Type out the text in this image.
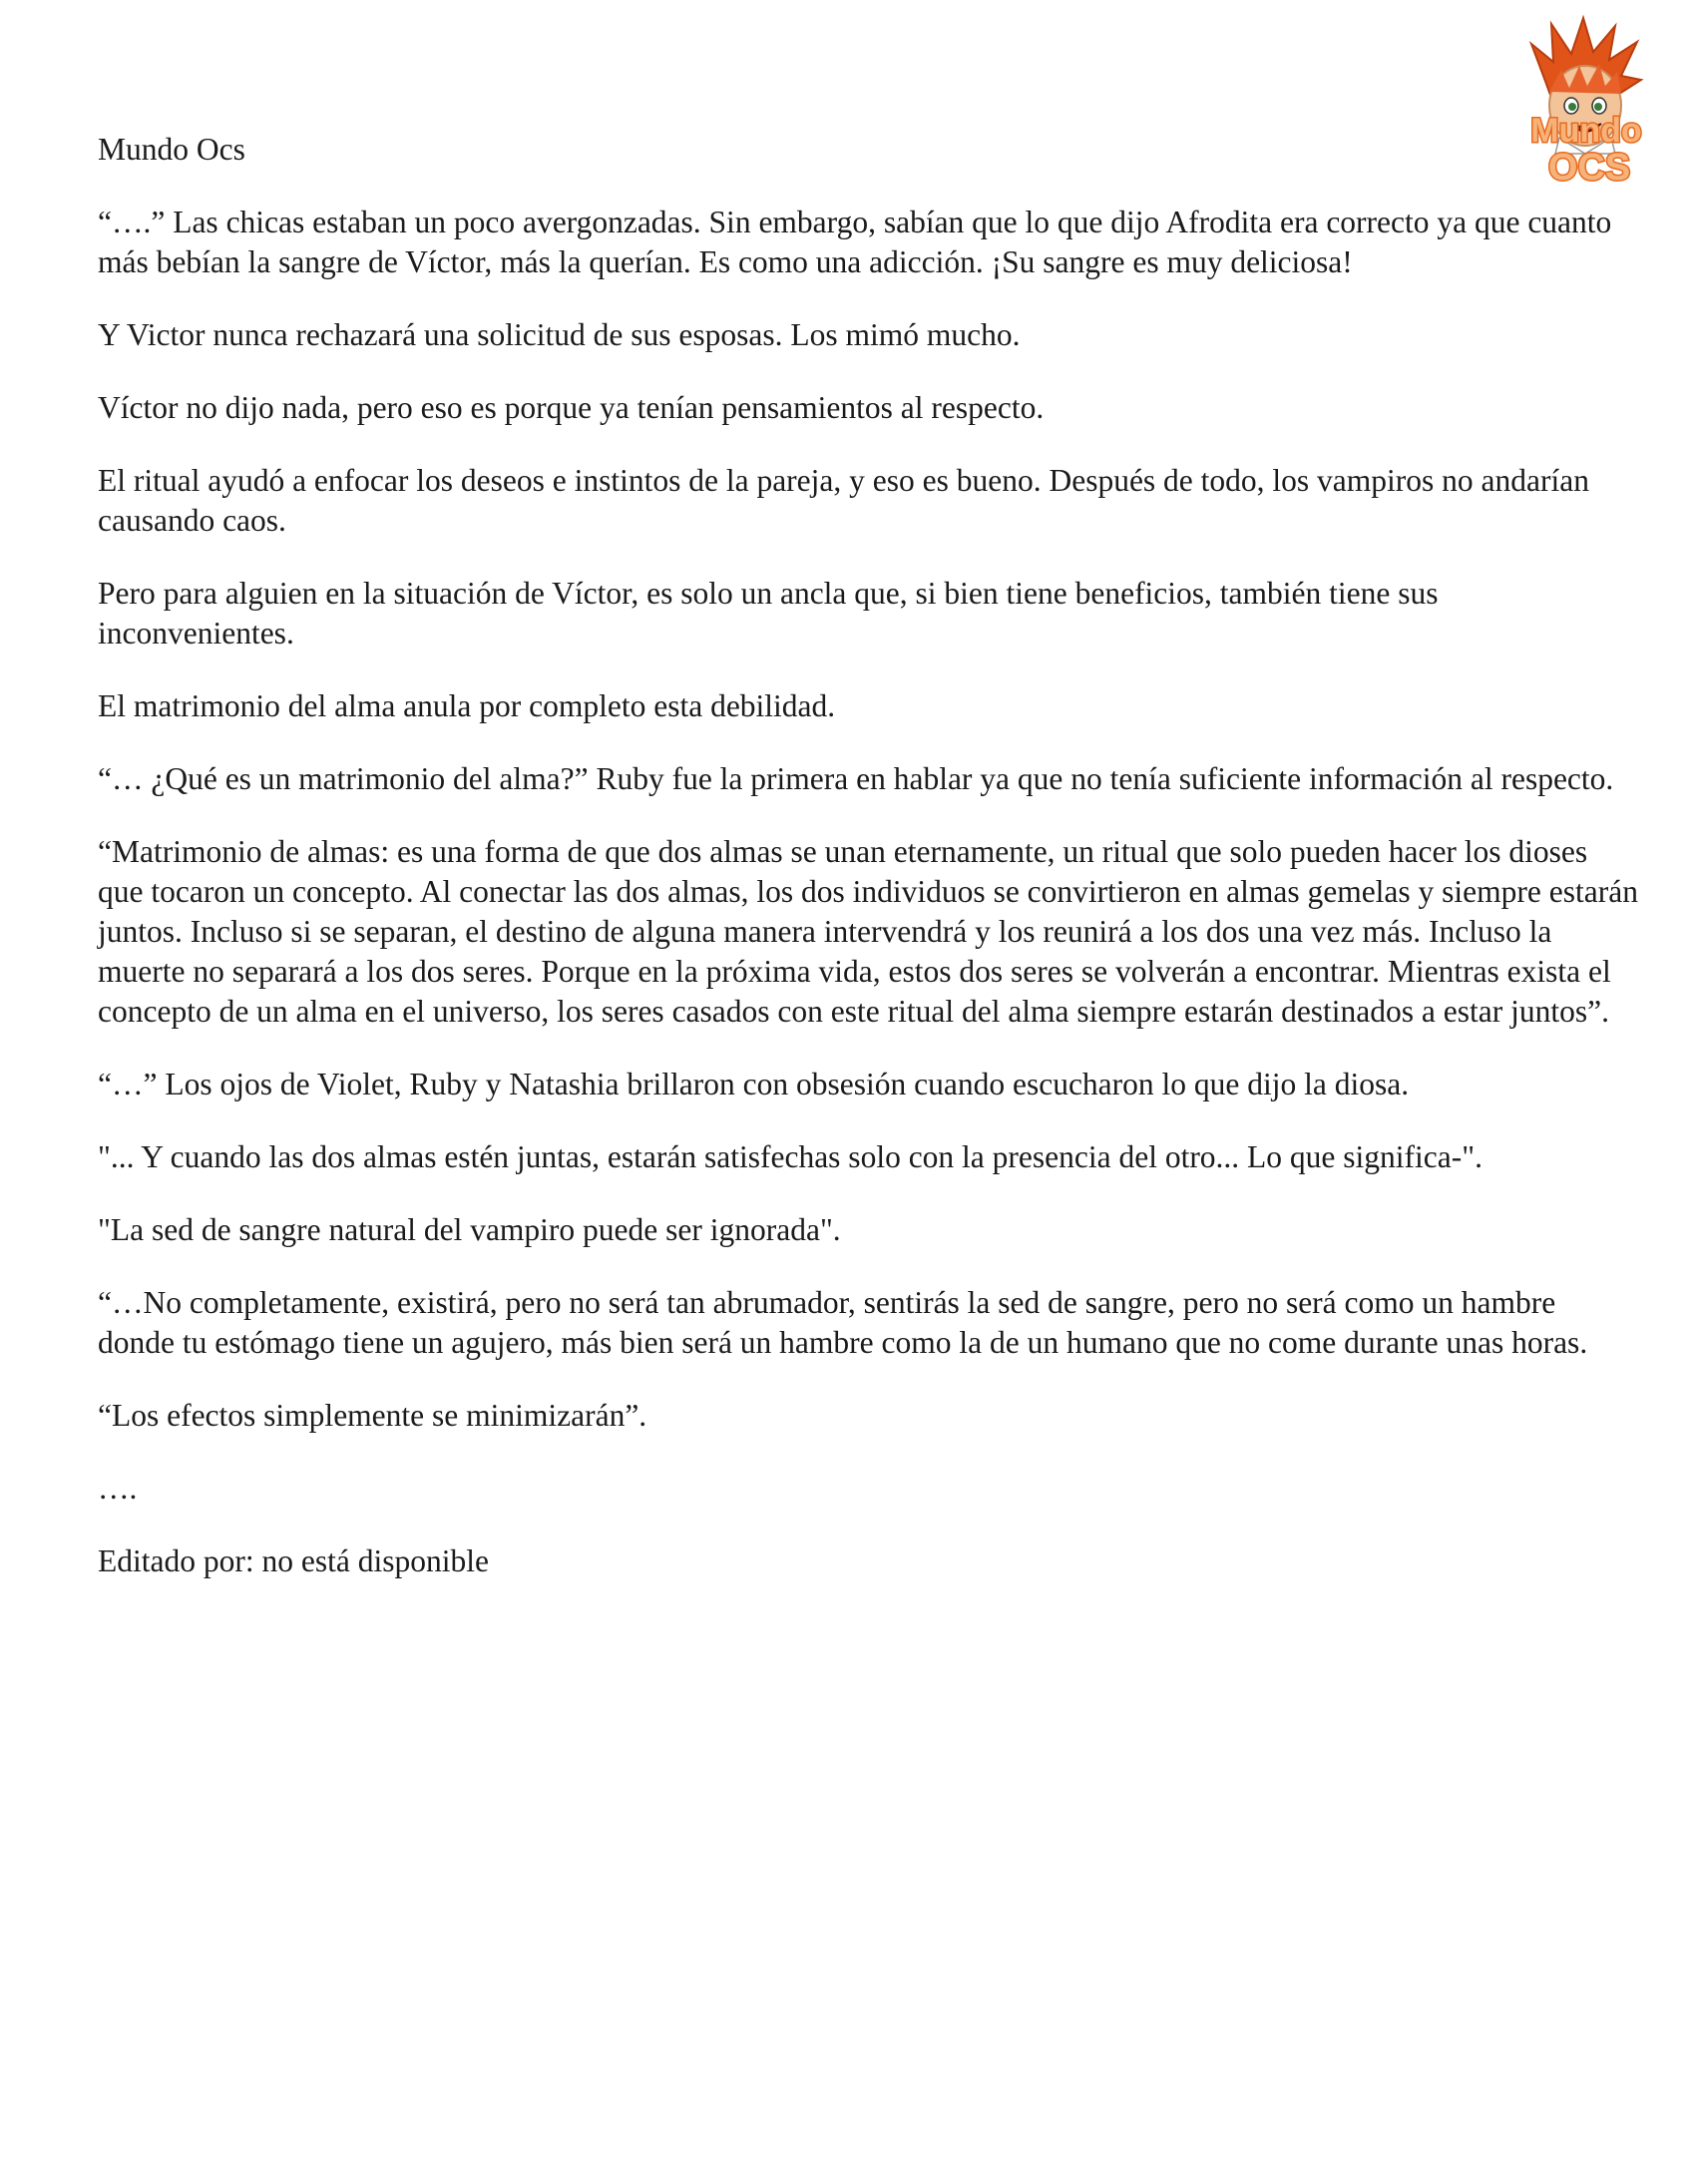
Mundo
OCS

Mundo Ocs

“….” Las chicas estaban un poco avergonzadas. Sin embargo, sabían que lo que dijo Afrodita era correcto ya que cuanto más bebían la sangre de Víctor, más la querían. Es como una adicción. ¡Su sangre es muy deliciosa!

Y Victor nunca rechazará una solicitud de sus esposas. Los mimó mucho.

Víctor no dijo nada, pero eso es porque ya tenían pensamientos al respecto.

El ritual ayudó a enfocar los deseos e instintos de la pareja, y eso es bueno. Después de todo, los vampiros no andarían causando caos.

Pero para alguien en la situación de Víctor, es solo un ancla que, si bien tiene beneficios, también tiene sus inconvenientes.

El matrimonio del alma anula por completo esta debilidad.

“… ¿Qué es un matrimonio del alma?” Ruby fue la primera en hablar ya que no tenía suficiente información al respecto.

“Matrimonio de almas: es una forma de que dos almas se unan eternamente, un ritual que solo pueden hacer los dioses que tocaron un concepto. Al conectar las dos almas, los dos individuos se convirtieron en almas gemelas y siempre estarán juntos. Incluso si se separan, el destino de alguna manera intervendrá y los reunirá a los dos una vez más. Incluso la muerte no separará a los dos seres. Porque en la próxima vida, estos dos seres se volverán a encontrar. Mientras exista el concepto de un alma en el universo, los seres casados con este ritual del alma siempre estarán destinados a estar juntos”.

“…” Los ojos de Violet, Ruby y Natashia brillaron con obsesión cuando escucharon lo que dijo la diosa.

"... Y cuando las dos almas estén juntas, estarán satisfechas solo con la presencia del otro... Lo que significa-".

"La sed de sangre natural del vampiro puede ser ignorada".

“…No completamente, existirá, pero no será tan abrumador, sentirás la sed de sangre, pero no será como un hambre donde tu estómago tiene un agujero, más bien será un hambre como la de un humano que no come durante unas horas.

“Los efectos simplemente se minimizarán”.

….

Editado por: no está disponible
